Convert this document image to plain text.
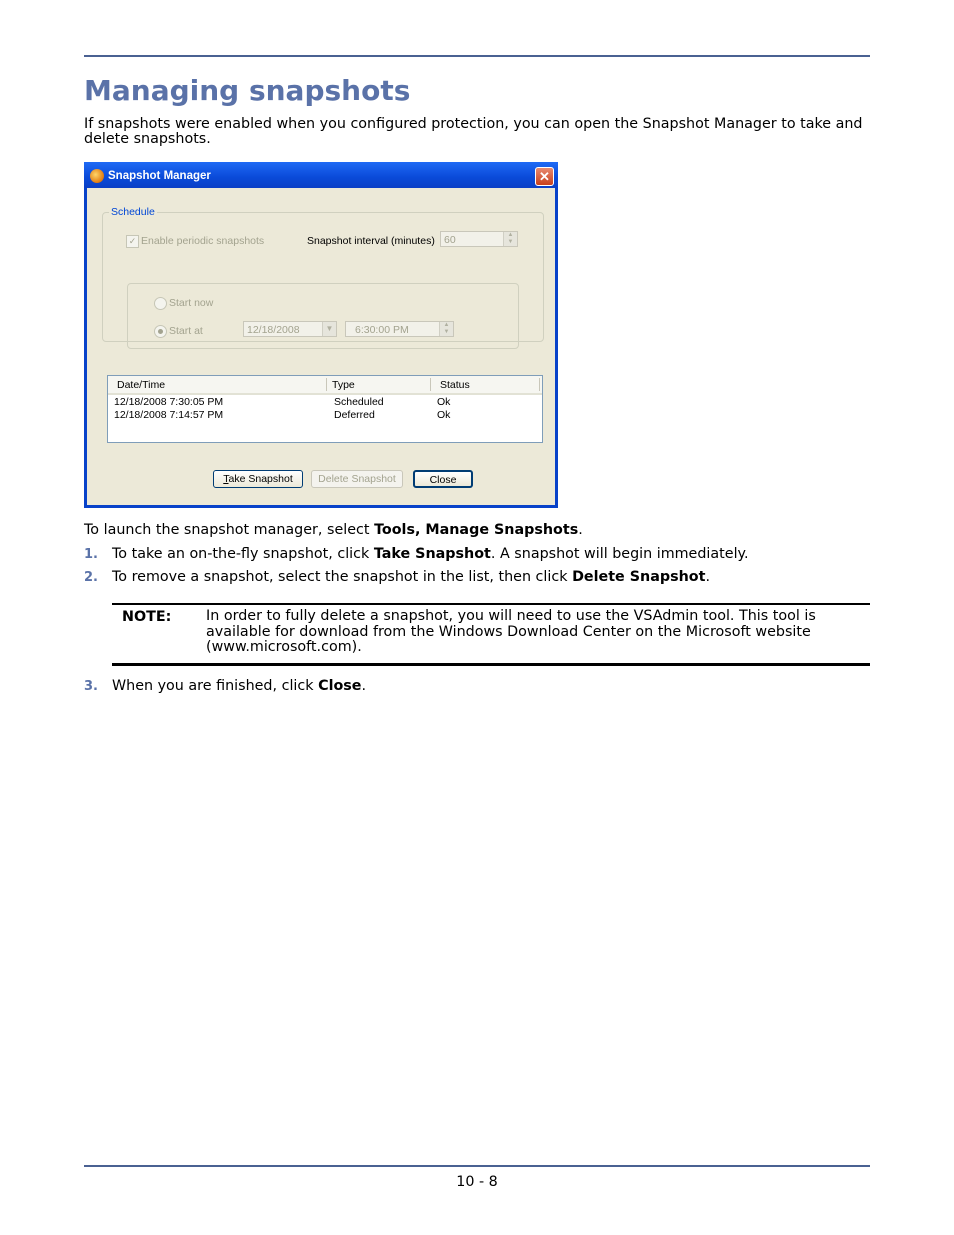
Managing snapshots

If snapshots were enabled when you configured protection, you can open the Snapshot Manager to take and delete snapshots.

Snapshot Manager	✕
Schedule
✓ Enable periodic snapshots	Snapshot interval (minutes) 60	▲
▼
Start now
Start at	12/18/2008	▼	6:30:00 PM	▲
▼
Date/Time	Type	Status
12/18/2008 7:30:05 PM	Scheduled	Ok
12/18/2008 7:14:57 PM	Deferred	Ok
Take Snapshot	Delete Snapshot	Close

To launch the snapshot manager, select Tools, Manage Snapshots.

1. To take an on-the-fly snapshot, click Take Snapshot. A snapshot will begin immediately.
2. To remove a snapshot, select the snapshot in the list, then click Delete Snapshot.
NOTE: In order to fully delete a snapshot, you will need to use the VSAdmin tool. This tool is available for download from the Windows Download Center on the Microsoft website (www.microsoft.com).
3. When you are finished, click Close.
10 - 8
